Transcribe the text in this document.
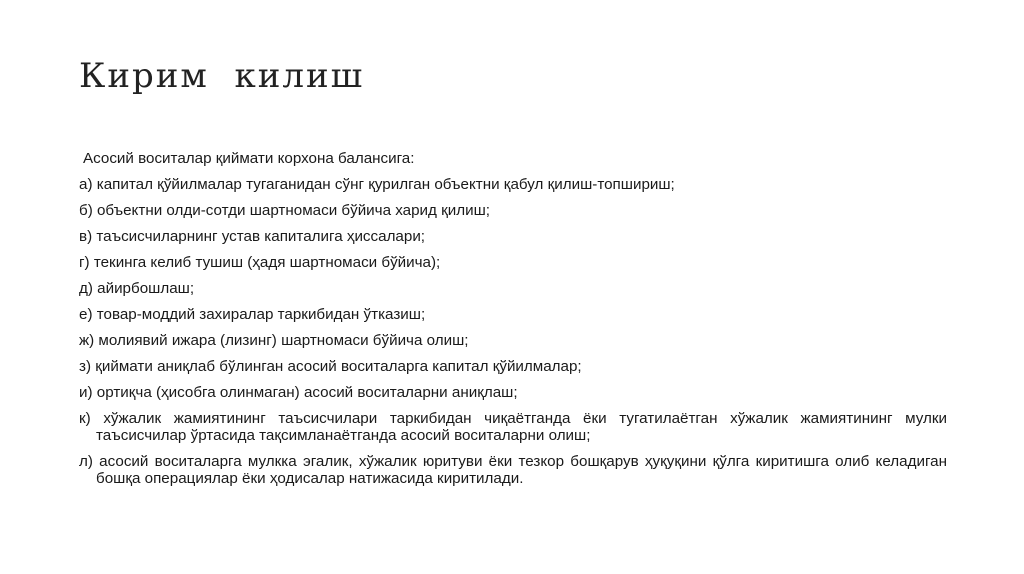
Кирим  килиш

Асосий воситалар қиймати корхона балансига:

а) капитал қўйилмалар тугаганидан сўнг қурилган объектни қабул қилиш-топшириш;

б) объектни олди-сотди шартномаси бўйича харид қилиш;

в) таъсисчиларнинг устав капиталига ҳиссалари;

г) текинга келиб тушиш (ҳадя шартномаси бўйича);

д) айирбошлаш;

е) товар-моддий захиралар таркибидан ўтказиш;

ж) молиявий ижара (лизинг) шартномаси бўйича олиш;

з) қиймати аниқлаб бўлинган асосий воситаларга капитал қўйилмалар;

и) ортиқча (ҳисобга олинмаган) асосий воситаларни аниқлаш;

к) хўжалик жамиятининг таъсисчилари таркибидан чиқаётганда ёки тугатилаётган хўжалик жамиятининг мулки таъсисчилар ўртасида тақсимланаётганда асосий воситаларни олиш;

л) асосий воситаларга мулкка эгалик, хўжалик юритуви ёки тезкор бошқарув ҳуқуқини қўлга киритишга олиб келадиган бошқа операциялар ёки ҳодисалар натижасида киритилади.
